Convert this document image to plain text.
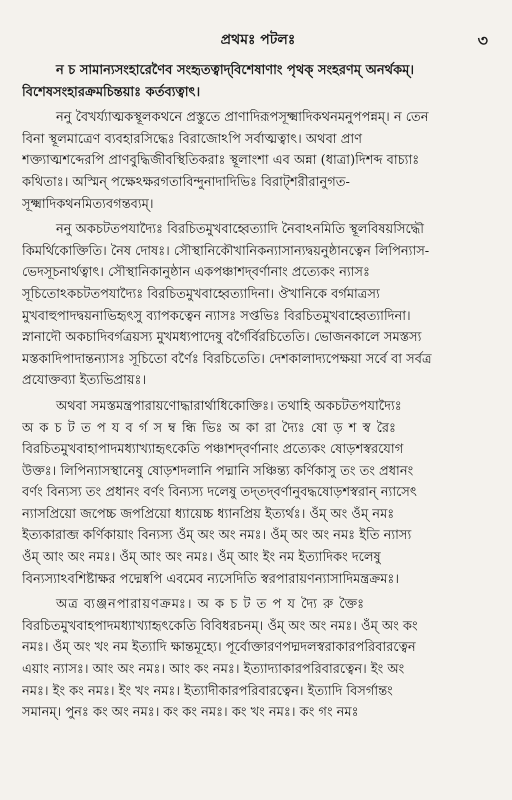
প্রথমঃ পটলঃ	৩
ন চ সামান্যসংহারেণৈব সংহৃতত্বাদ্‌বিশেষাণাং পৃথক্ সংহরণম্ অনর্থকম্।
বিশেষসংহারক্রমচিন্তয়াঃ কর্তব্যত্বাৎ।
ননু বৈখর্য্যাত্মকস্থূলকথনে প্রস্তুতে প্রাণাদিরূপসূক্ষ্মাদিকথনমনুপপন্নম্। ন তেন
বিনা স্থূলমাত্রেণ ব্যবহারসিদ্ধেঃ বিরাজোঽপি সর্বাত্মত্বাৎ। অথবা প্রাণ
শক্ত্যাত্মশব্দেরপি প্রাণবুদ্ধিজীবস্থিতিকরাঃ স্থূলাংশা এব অন্না (ধাত্রা)দিশব্দ বাচ্যাঃ
কথিতাঃ। অস্মিন্ পক্ষেঽক্ষরগতাবিন্দুনাদাদিভিঃ বিরাট্‌শরীরানুগত-
সূক্ষ্মাদিকথনমিত্যবগন্তব্যম্।
ননু অকচটতপযাদ্যৈঃ বিরচিতমুখবাহ্বেত্যাদি নৈবাঽনমিতি স্থূলবিষয়সিদ্ধৌ
কিমর্থিকোক্তিতি। নৈষ দোষঃ। সৌস্থানিকৌখানিকন্যাসান্যদ্বয়নুষ্ঠানত্বেন লিপিন্যাস-
ভেদসূচনার্থত্বাৎ। সৌস্থানিকানুষ্ঠান একপঞ্চাশদ্‌বর্ণানাং প্রত্যেকং ন্যাসঃ
সূচিতোঽকচটতপযাদ্যৈঃ বিরচিতমুখবাহ্বেত্যাদিনা। ঔখানিকে বর্গমাত্রস্য
মুখবাহুপাদদ্বয়নাভিহৃৎসু ব্যাপকত্বেন ন্যাসঃ সপ্তভিঃ বিরচিতমুখবাহ্বেত্যাদিনা।
স্নানাদৌ অকচাদিবর্গত্রয়স্য মুখমধ্যপাদেষু বর্গৈর্বিরচিতেতি। ভোজনকালে সমস্তস্য
মস্তকাদিপাদান্তন্যাসঃ সূচিতো বর্ণৈঃ বিরচিতেতি। দেশকালাদ্যপেক্ষয়া সর্বে বা সর্বত্র
প্রযোক্তব্যা ইত্যভিপ্রায়ঃ।
অথবা সমস্তমন্ত্রপারায়ণোদ্ধারার্থাধিকোক্তিঃ। তথাহি অকচটতপযাদ্যৈঃ
অ ক চ ট ত প য ব র্গ স ম্ব ন্ধি ভিঃ অ কা রা দ্যৈঃ ষো ড় শ স্ব রৈঃ
বিরচিতমুখবাহাপাদমধ্যাখ্যাহৃৎকেতি পঞ্চাশদ্‌বর্ণানাং প্রত্যেকং ষোড়শস্বরযোগ
উক্তঃ। লিপিন্যাসস্থানেষু ষোড়শদলানি পদ্মানি সঞ্চিন্ত্য কর্ণিকাসু তং তং প্রধানং
বর্ণং বিন্যস্য তং প্রধানং বর্ণং বিন্যস্য দলেষু তদ্‌তদ্‌বর্ণানুবদ্ধষোড়শস্বরান্ ন্যাসেৎ
ন্যাসপ্রিয়ো জপেচ্চ জপপ্রিয়ো ধ্যায়েচ্চ ধ্যানপ্রিয় ইত্যর্থঃ। ওঁম্ অং ওঁম্ নমঃ
ইত্যকারাব্জ কর্ণিকায়াং বিন্যস্য ওঁম্ অং অং নমঃ। ওঁম্ অং অং নমঃ ইতি ন্যাস্য
ওঁম্ আং অং নমঃ। ওঁম্ আং অং নমঃ। ওঁম্ আং ইং নম ইত্যাদিকং দলেষু
বিন্যস্যাঽবশিষ্টাক্ষর পদ্মেষ্বপি এবমেব ন্যসেদিতি স্বরপারায়ণন্যাসাদিমন্ত্রক্রমঃ।
অত্র ব্যঞ্জনপারায়ণক্রমঃ। অ ক চ ট ত প য দ্যৈ রু ক্তৈঃ
বিরচিতমুখবাহপাদমধ্যাখ্যাহৃৎকেতি বিবিধরচনম্। ওঁম্ অং অং নমঃ। ওঁম্ অং কং
নমঃ। ওঁম্ অং খং নম ইত্যাদি ক্ষান্তমূহ্যে। পূর্বোক্তারণপদ্মদলস্বরাকারপরিবারত্বেন
এয়াং ন্যাসঃ। আং অং নমঃ। আং কং নমঃ। ইত্যাদ্যাকারপরিবারত্বেন। ইং অং
নমঃ। ইং কং নমঃ। ইং খং নমঃ। ইত্যাদীকারপরিবারত্বেন। ইত্যাদি বিসর্গান্তং
সমানম্। পুনঃ কং অং নমঃ। কং কং নমঃ। কং খং নমঃ। কং গং নমঃ
